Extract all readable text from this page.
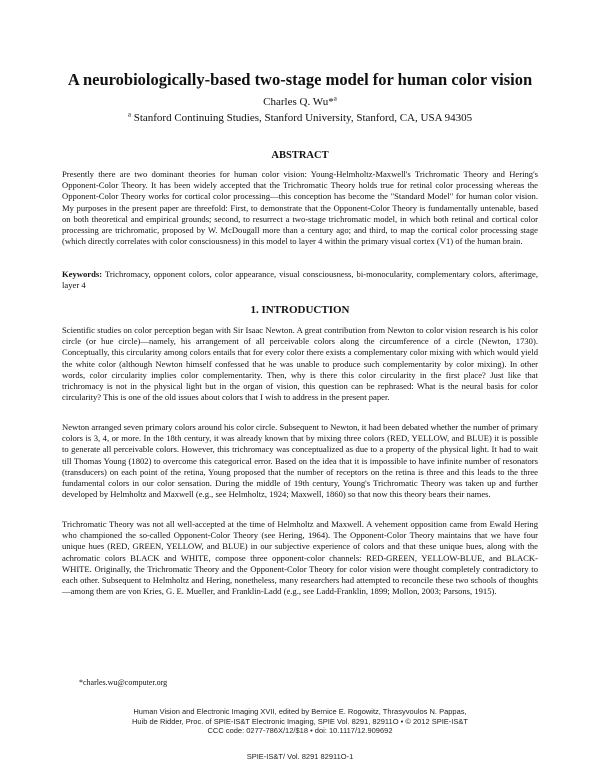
A neurobiologically-based two-stage model for human color vision
Charles Q. Wu*$^a$
$^a$ Stanford Continuing Studies, Stanford University, Stanford, CA, USA 94305
ABSTRACT

Presently there are two dominant theories for human color vision: Young-Helmholtz-Maxwell's Trichromatic Theory and Hering's Opponent-Color Theory. It has been widely accepted that the Trichromatic Theory holds true for retinal color processing whereas the Opponent-Color Theory works for cortical color processing—this conception has become the "Standard Model" for human color vision. My purposes in the present paper are threefold: First, to demonstrate that the Opponent-Color Theory is fundamentally untenable, based on both theoretical and empirical grounds; second, to resurrect a two-stage trichromatic model, in which both retinal and cortical color processing are trichromatic, proposed by W. McDougall more than a century ago; and third, to map the cortical color processing stage (which directly correlates with color consciousness) in this model to layer 4 within the primary visual cortex (V1) of the human brain.

Keywords: Trichromacy, opponent colors, color appearance, visual consciousness, bi-monocularity, complementary colors, afterimage, layer 4

1. INTRODUCTION

Scientific studies on color perception began with Sir Isaac Newton. A great contribution from Newton to color vision research is his color circle (or hue circle)—namely, his arrangement of all perceivable colors along the circumference of a circle (Newton, 1730). Conceptually, this circularity among colors entails that for every color there exists a complementary color mixing with which would yield the white color (although Newton himself confessed that he was unable to produce such complementarity by color mixing). In other words, color circularity implies color complementarity. Then, why is there this color circularity in the first place? Just like that trichromacy is not in the physical light but in the organ of vision, this question can be rephrased: What is the neural basis for color circularity? This is one of the old issues about colors that I wish to address in the present paper.

Newton arranged seven primary colors around his color circle. Subsequent to Newton, it had been debated whether the number of primary colors is 3, 4, or more. In the 18th century, it was already known that by mixing three colors (RED, YELLOW, and BLUE) it is possible to generate all perceivable colors. However, this trichromacy was conceptualized as due to a property of the physical light. It had to wait till Thomas Young (1802) to overcome this categorical error. Based on the idea that it is impossible to have infinite number of resonators (transducers) on each point of the retina, Young proposed that the number of receptors on the retina is three and this leads to the three fundamental colors in our color sensation. During the middle of 19th century, Young's Trichromatic Theory was taken up and further developed by Helmholtz and Maxwell (e.g., see Helmholtz, 1924; Maxwell, 1860) so that now this theory bears their names.

Trichromatic Theory was not all well-accepted at the time of Helmholtz and Maxwell. A vehement opposition came from Ewald Hering who championed the so-called Opponent-Color Theory (see Hering, 1964). The Opponent-Color Theory maintains that we have four unique hues (RED, GREEN, YELLOW, and BLUE) in our subjective experience of colors and that these unique hues, along with the achromatic colors BLACK and WHITE, compose three opponent-color channels: RED-GREEN, YELLOW-BLUE, and BLACK-WHITE. Originally, the Trichromatic Theory and the Opponent-Color Theory for color vision were thought completely contradictory to each other. Subsequent to Helmholtz and Hering, nonetheless, many researchers had attempted to reconcile these two schools of thoughts—among them are von Kries, G. E. Mueller, and Franklin-Ladd (e.g., see Ladd-Franklin, 1899; Mollon, 2003; Parsons, 1915).

*charles.wu@computer.org
Human Vision and Electronic Imaging XVII, edited by Bernice E. Rogowitz, Thrasyvoulos N. Pappas,
Huib de Ridder, Proc. of SPIE-IS&T Electronic Imaging, SPIE Vol. 8291, 82911O • © 2012 SPIE-IS&T
CCC code: 0277-786X/12/$18 • doi: 10.1117/12.909692
SPIE-IS&T/ Vol. 8291 82911O-1
